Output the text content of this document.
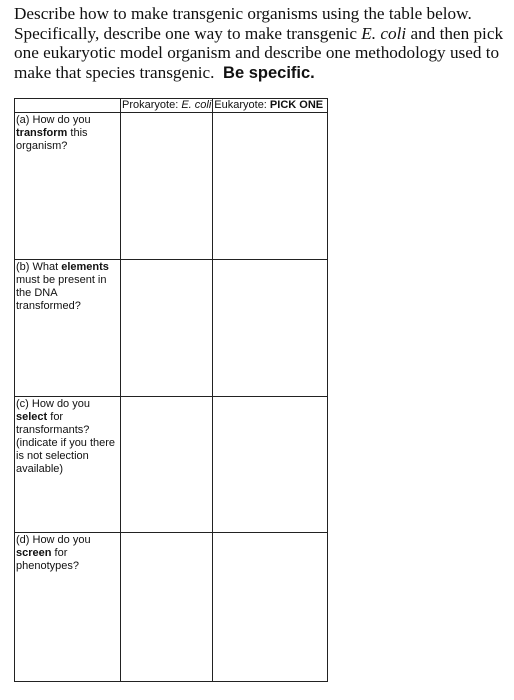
Describe how to make transgenic organisms using the table below.
Specifically, describe one way to make transgenic E. coli and then pick
one eukaryotic model organism and describe one methodology used to
make that species transgenic. Be specific.
	Prokaryote: E. coli	Eukaryote: PICK ONE
(a) How do you transform this organism?		
(b) What elements must be present in the DNA transformed?		
(c) How do you select for transformants? (indicate if you there is not selection available)		
(d) How do you screen for phenotypes?		
